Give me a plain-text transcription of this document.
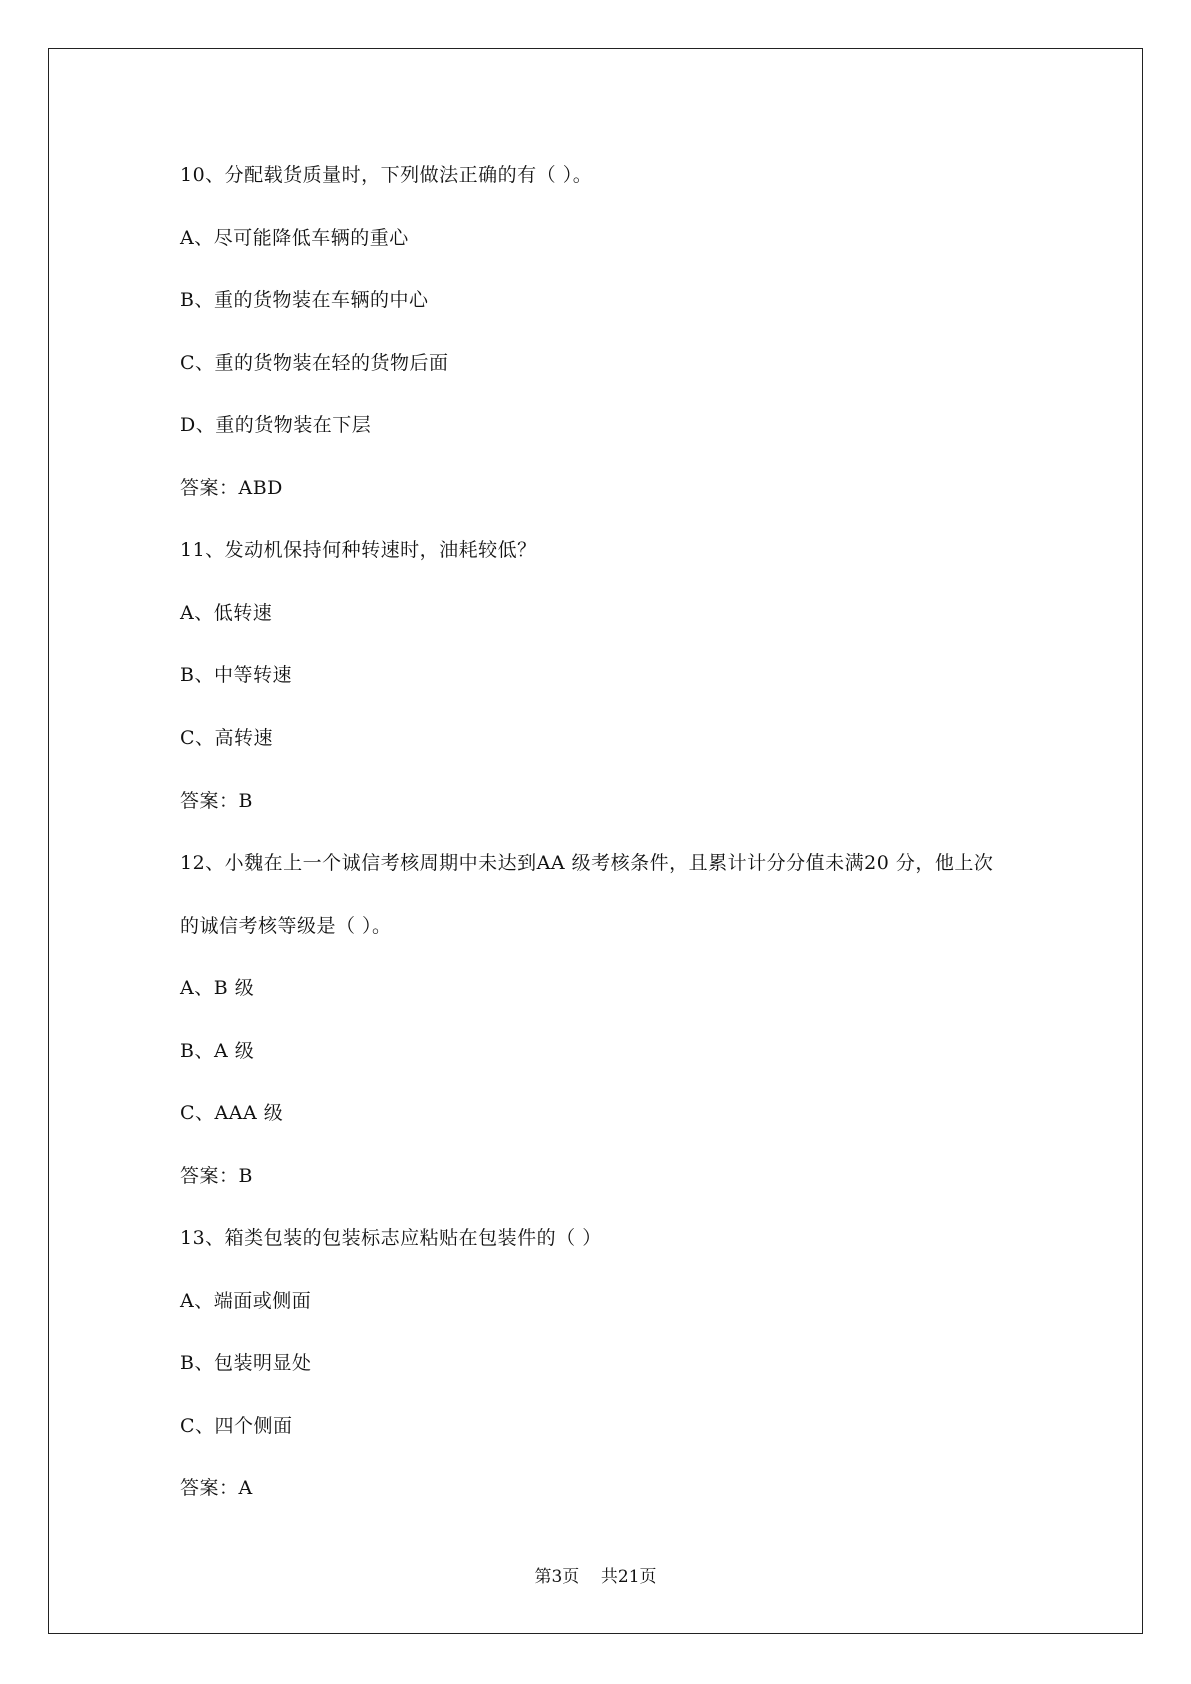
10、分配载货质量时，下列做法正确的有（ ）。
A、尽可能降低车辆的重心
B、重的货物装在车辆的中心
C、重的货物装在轻的货物后面
D、重的货物装在下层
答案：ABD
11、发动机保持何种转速时，油耗较低？
A、低转速
B、中等转速
C、高转速
答案：B
12、小魏在上一个诚信考核周期中未达到AA 级考核条件，且累计计分分值未满20 分，他上次
的诚信考核等级是（ ）。
A、B 级
B、A 级
C、AAA 级
答案：B
13、箱类包装的包装标志应粘贴在包装件的（ ）
A、端面或侧面
B、包装明显处
C、四个侧面
答案：A
第3页    共21页
